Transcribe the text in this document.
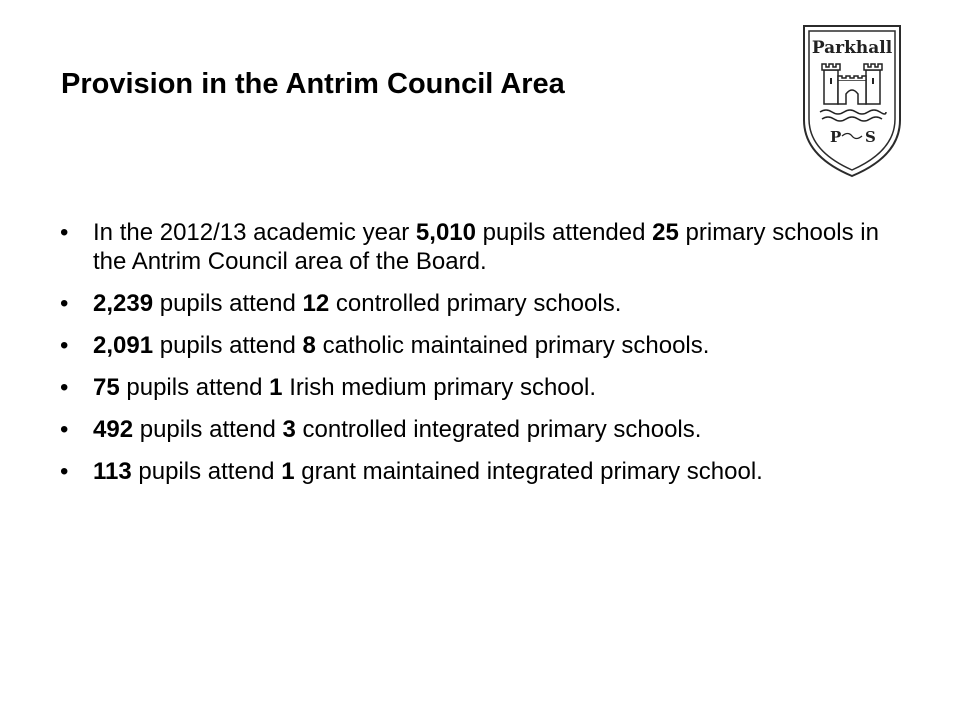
Provision in the Antrim Council Area
Parkhall
P S
• In the 2012/13 academic year 5,010 pupils attended 25 primary schools in the Antrim Council area of the Board.
• 2,239 pupils attend 12 controlled primary schools.
• 2,091 pupils attend 8 catholic maintained primary schools.
• 75 pupils attend 1 Irish medium primary school.
• 492 pupils attend 3 controlled integrated primary schools.
• 113 pupils attend 1 grant maintained integrated primary school.
